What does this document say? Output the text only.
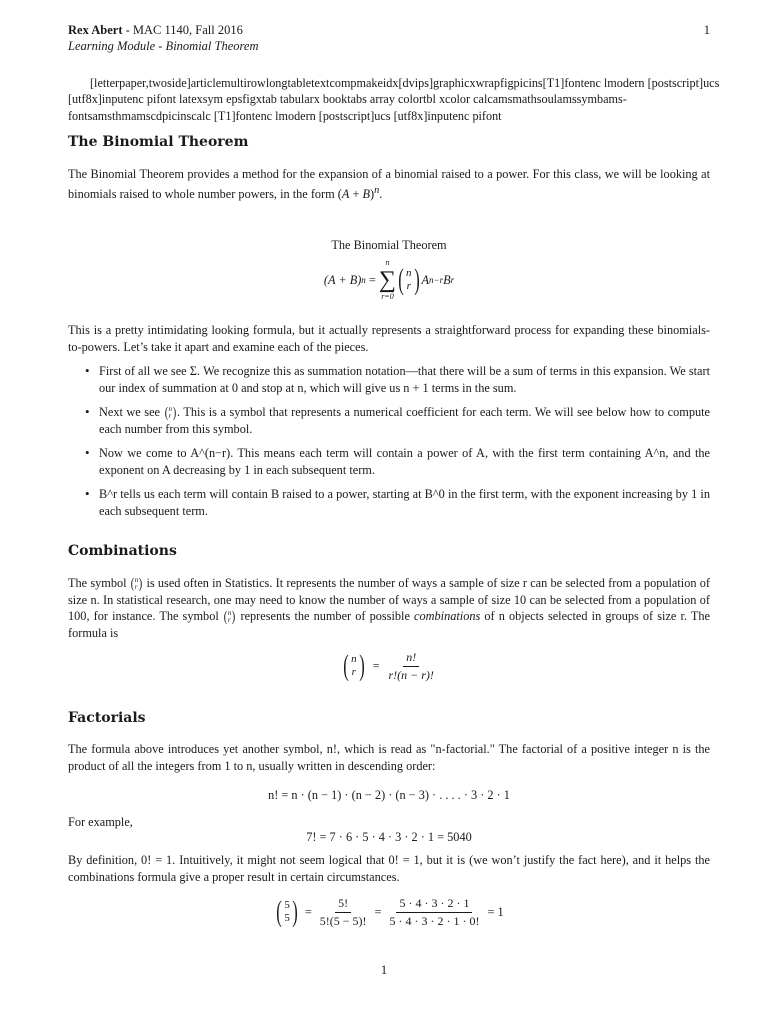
Rex Abert - MAC 1140, Fall 2016
Learning Module - Binomial Theorem
1
[letterpaper,twoside]articlemultirowlongtabletextcompmakeidx[dvips]graphicxwrapfigpicins[T1]fontenc lmodern [postscript]ucs
[utf8x]inputenc pifont latexsym epsfigxtab tabularx booktabs array colortbl xcolor calcamsmathsoulamssymbams-
fontsamsthmamscdpicinscalc [T1]fontenc lmodern [postscript]ucs [utf8x]inputenc pifont
The Binomial Theorem
The Binomial Theorem provides a method for the expansion of a binomial raised to a power. For this class, we will be looking at binomials raised to whole number powers, in the form $(A + B)^n$.
The Binomial Theorem
(A + B) n =
n
∑
r=0
( n
r ) A n−r B r
This is a pretty intimidating looking formula, but it actually represents a straightforward process for expanding these binomials-to-powers. Let’s take it apart and examine each of the pieces.
• First of all we see Σ. We recognize this as summation notation—that there will be a sum of terms in this expansion. We start our index of summation at 0 and stop at n, which will give us n + 1 terms in the sum.
• Next we see ( n
r ) . This is a symbol that represents a numerical coefficient for each term. We will see below how to compute each number from this symbol.
• Now we come to A^(n−r). This means each term will contain a power of A, with the first term containing A^n, and the exponent on A decreasing by 1 in each subsequent term.
• B^r tells us each term will contain B raised to a power, starting at B^0 in the first term, with the exponent increasing by 1 in each subsequent term.
Combinations
The symbol ( n
r ) is used often in Statistics. It represents the number of ways a sample of size r can be selected from a population of size n. In statistical research, one may need to know the number of ways a sample of size 10 can be selected from a population of 100, for instance. The symbol ( n
r ) represents the number of possible combinations of n objects selected in groups of size r. The formula is
( n
r ) = $\frac{n!}{r!(n - r)!}$
Factorials
The formula above introduces yet another symbol, n!, which is read as "n-factorial." The factorial of a positive integer n is the product of all the integers from 1 to n, usually written in descending order:
n! = n · (n − 1) · (n − 2) · (n − 3) · . . . . · 3 · 2 · 1
For example,
7! = 7 · 6 · 5 · 4 · 3 · 2 · 1 = 5040
By definition, 0! = 1. Intuitively, it might not seem logical that 0! = 1, but it is (we won’t justify the fact here), and it helps the combinations formula give a proper result in certain circumstances.
( 5
5 ) = $\frac{5!}{5!(5 - 5)!} = \frac{5 \cdot 4 \cdot 3 \cdot 2 \cdot 1}{5 \cdot 4 \cdot 3 \cdot 2 \cdot 1 \cdot 0!} = 1$
1
